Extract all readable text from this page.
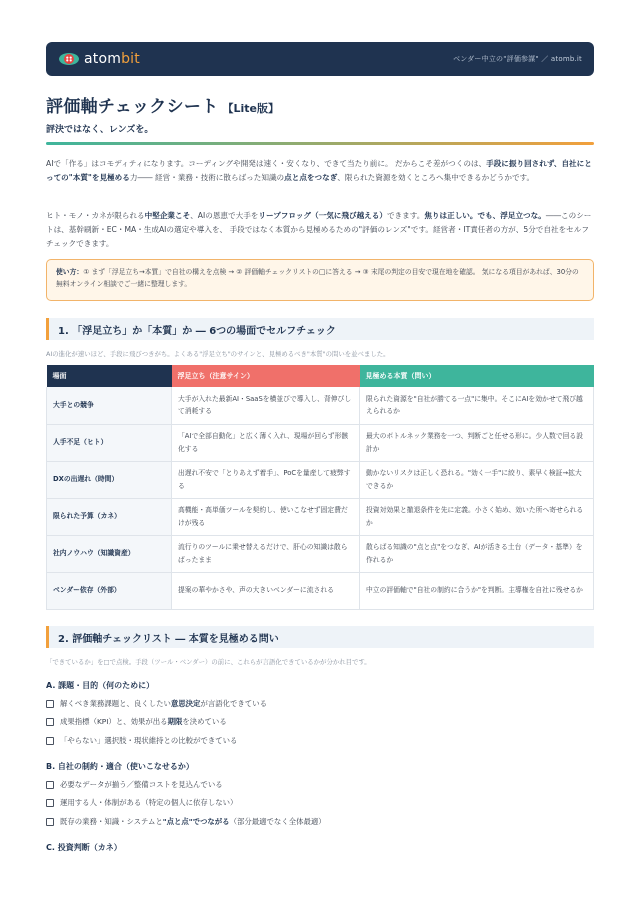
atombit	ベンダー中立の"評価参謀" ／ atomb.it
評価軸チェックシート 【Lite版】
評決ではなく、レンズを。

AIで「作る」はコモディティになります。コーディングや開発は速く・安くなり、できて当たり前に。 だからこそ差がつくのは、手段に振り回されず、自社にとっての"本質"を見極める力―― 経営・業務・技術に散らばった知識の点と点をつなぎ、限られた資源を効くところへ集中できるかどうかです。

ヒト・モノ・カネが限られる中堅企業こそ、AIの恩恵で大手をリープフロッグ（一気に飛び越える）できます。焦りは正しい。でも、浮足立つな。――このシートは、基幹刷新・EC・MA・生成AIの選定や導入を、 手段ではなく本質から見極めるための"評価のレンズ"です。経営者・IT責任者の方が、5分で自社をセルフチェックできます。

使い方：① まず「浮足立ち→本質」で自社の構えを点検 → ② 評価軸チェックリストの□に答える → ③ 末尾の判定の目安で現在地を確認。 気になる項目があれば、30分の無料オンライン相談でご一緒に整理します。
1. 「浮足立ち」か「本質」か ― 6つの場面でセルフチェック
AIの進化が速いほど、手段に飛びつきがち。よくある"浮足立ち"のサインと、見極めるべき"本質"の問いを並べました。
場面	浮足立ち（注意サイン）	見極める本質（問い）
大手との競争	大手が入れた最新AI・SaaSを横並びで導入し、背伸びして消耗する	限られた資源を"自社が勝てる一点"に集中。そこにAIを効かせて飛び越えられるか
人手不足（ヒト）	「AIで全部自動化」と広く薄く入れ、現場が回らず形骸化する	最大のボトルネック業務を一つ、判断ごと任せる形に。少人数で回る設計か
DXの出遅れ（時間）	出遅れ不安で「とりあえず着手」、PoCを量産して疲弊する	動かないリスクは正しく恐れる。"効く一手"に絞り、素早く検証→拡大できるか
限られた予算（カネ）	高機能・高単価ツールを契約し、使いこなせず固定費だけが残る	投資対効果と撤退条件を先に定義。小さく始め、効いた所へ寄せられるか
社内ノウハウ（知識資産）	流行りのツールに乗せ替えるだけで、肝心の知識は散らばったまま	散らばる知識の"点と点"をつなぎ、AIが活きる土台（データ・基準）を作れるか
ベンダー依存（外部）	提案の華やかさや、声の大きいベンダーに流される	中立の評価軸で"自社の制約に合うか"を判断。主導権を自社に残せるか
2. 評価軸チェックリスト ― 本質を見極める問い
「できているか」を□で点検。手段（ツール・ベンダー）の前に、これらが言語化できているかが分かれ目です。
A. 課題・目的（何のために）
解くべき業務課題と、良くしたい意思決定が言語化できている
成果指標（KPI）と、効果が出る期限を決めている
「やらない」選択肢・現状維持との比較ができている
B. 自社の制約・適合（使いこなせるか）
必要なデータが揃う／整備コストを見込んでいる
運用する人・体制がある（特定の個人に依存しない）
既存の業務・知識・システムと"点と点"でつながる（部分最適でなく全体最適）
C. 投資判断（カネ）
